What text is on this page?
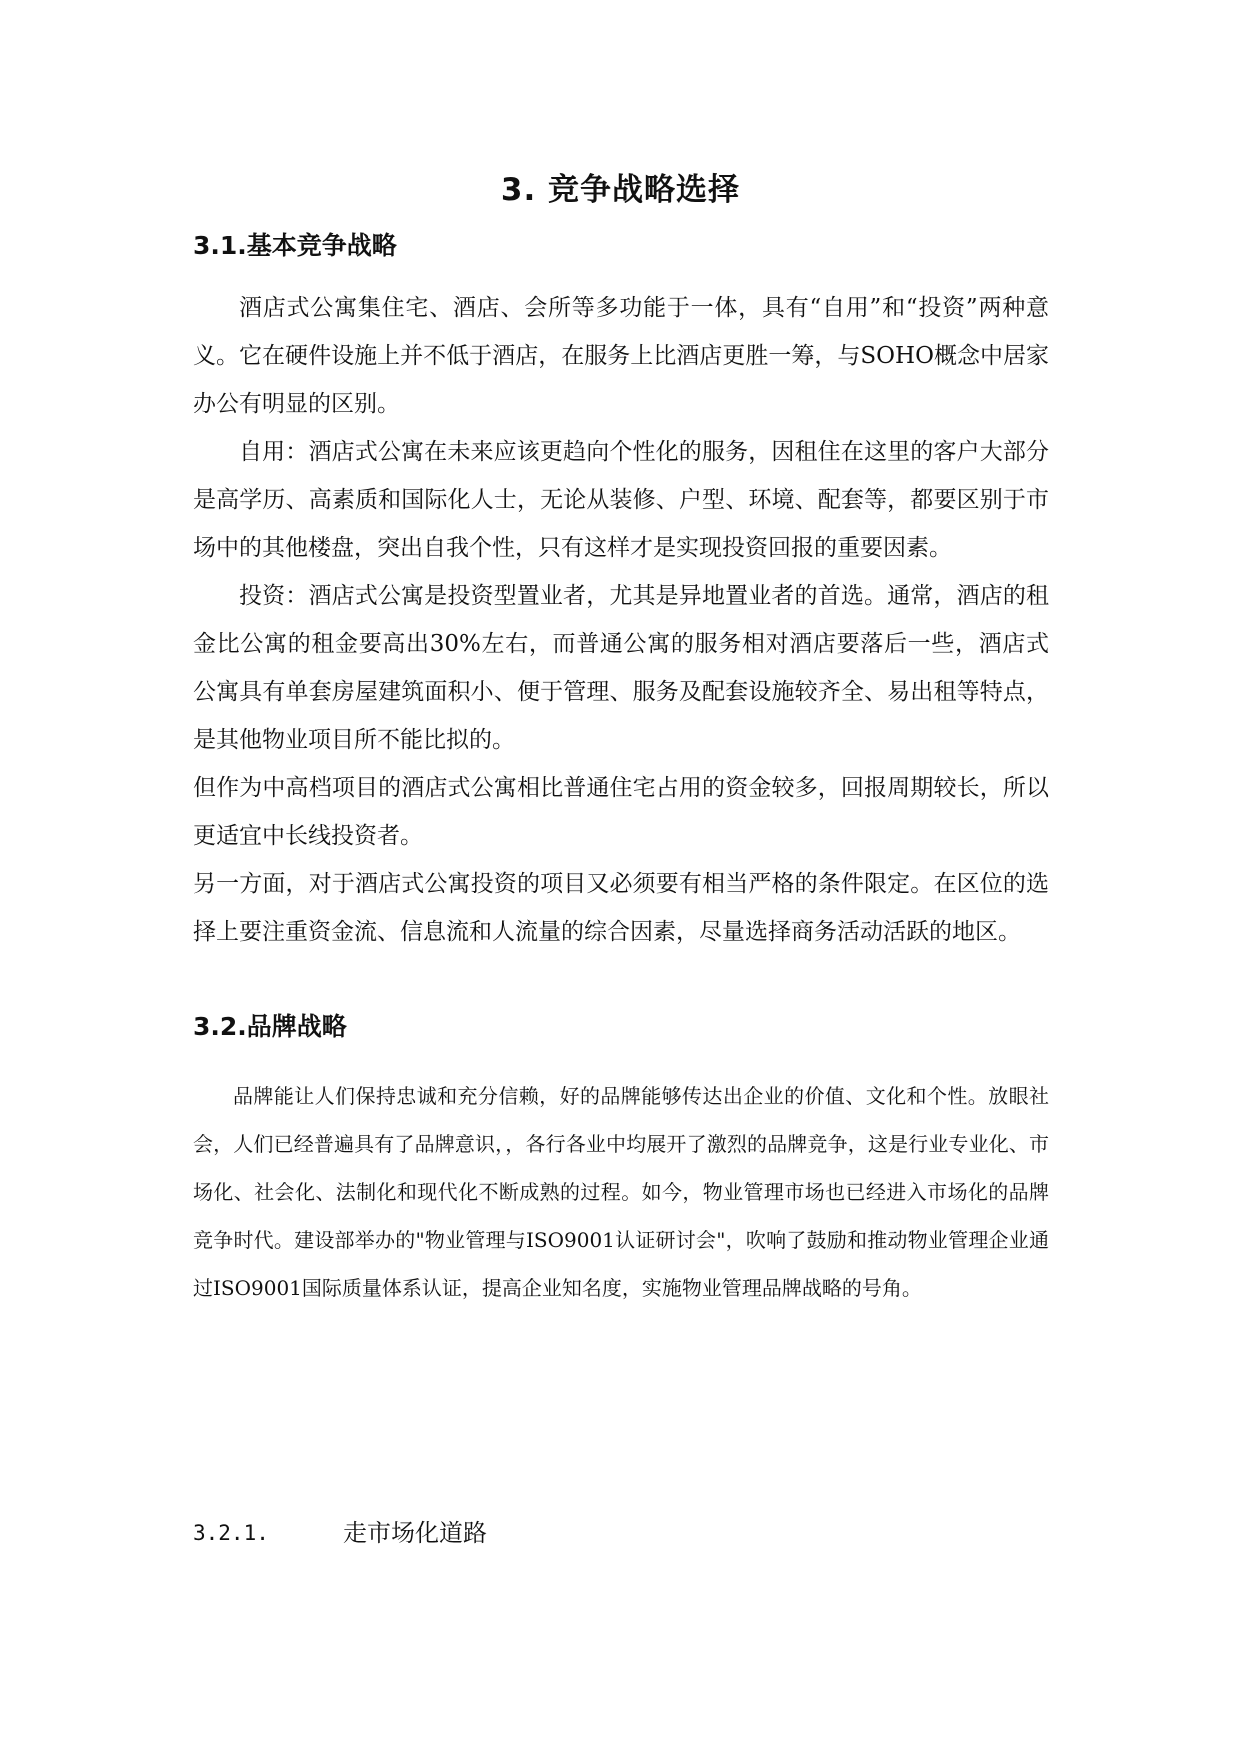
3. 竞争战略选择
3.1.基本竞争战略

酒店式公寓集住宅、酒店、会所等多功能于一体，具有“自用”和“投资”两种意义。它在硬件设施上并不低于酒店，在服务上比酒店更胜一筹，与SOHO概念中居家办公有明显的区别。

自用：酒店式公寓在未来应该更趋向个性化的服务，因租住在这里的客户大部分是高学历、高素质和国际化人士，无论从装修、户型、环境、配套等，都要区别于市场中的其他楼盘，突出自我个性，只有这样才是实现投资回报的重要因素。

投资：酒店式公寓是投资型置业者，尤其是异地置业者的首选。通常，酒店的租金比公寓的租金要高出30%左右，而普通公寓的服务相对酒店要落后一些，酒店式公寓具有单套房屋建筑面积小、便于管理、服务及配套设施较齐全、易出租等特点，是其他物业项目所不能比拟的。

但作为中高档项目的酒店式公寓相比普通住宅占用的资金较多，回报周期较长，所以更适宜中长线投资者。

另一方面，对于酒店式公寓投资的项目又必须要有相当严格的条件限定。在区位的选择上要注重资金流、信息流和人流量的综合因素，尽量选择商务活动活跃的地区。

3.2.品牌战略

品牌能让人们保持忠诚和充分信赖，好的品牌能够传达出企业的价值、文化和个性。放眼社会，人们已经普遍具有了品牌意识，，各行各业中均展开了激烈的品牌竞争，这是行业专业化、市场化、社会化、法制化和现代化不断成熟的过程。如今，物业管理市场也已经进入市场化的品牌竞争时代。建设部举办的"物业管理与ISO9001认证研讨会"，吹响了鼓励和推动物业管理企业通过ISO9001国际质量体系认证，提高企业知名度，实施物业管理品牌战略的号角。

3.2.1.	走市场化道路
